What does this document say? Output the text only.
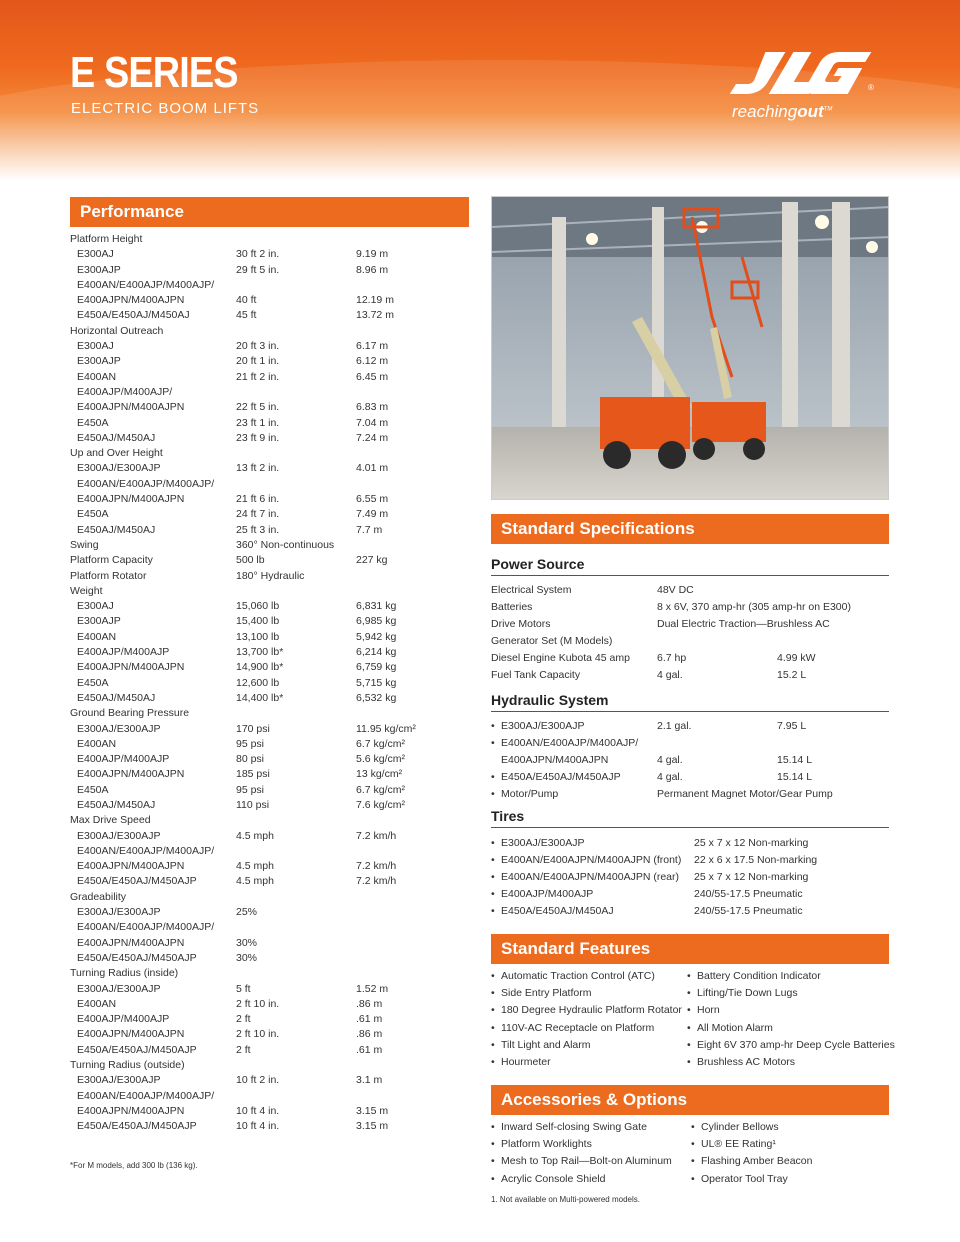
E SERIES
ELECTRIC BOOM LIFTS
®
reachingout™
Performance
Platform Height
E300AJ	30 ft 2 in.	9.19 m
E300AJP	29 ft 5 in.	8.96 m
E400AN/E400AJP/M400AJP/
E400AJPN/M400AJPN	40 ft	12.19 m
E450A/E450AJ/M450AJ	45 ft	13.72 m
Horizontal Outreach
E300AJ	20 ft 3 in.	6.17 m
E300AJP	20 ft 1 in.	6.12 m
E400AN	21 ft 2 in.	6.45 m
E400AJP/M400AJP/
E400AJPN/M400AJPN	22 ft 5 in.	6.83 m
E450A	23 ft 1 in.	7.04 m
E450AJ/M450AJ	23 ft 9 in.	7.24 m
Up and Over Height
E300AJ/E300AJP	13 ft 2 in.	4.01 m
E400AN/E400AJP/M400AJP/
E400AJPN/M400AJPN	21 ft 6 in.	6.55 m
E450A	24 ft 7 in.	7.49 m
E450AJ/M450AJ	25 ft 3 in.	7.7 m
Swing	360° Non-continuous
Platform Capacity	500 lb	227 kg
Platform Rotator	180° Hydraulic
Weight
E300AJ	15,060 lb	6,831 kg
E300AJP	15,400 lb	6,985 kg
E400AN	13,100 lb	5,942 kg
E400AJP/M400AJP	13,700 lb*	6,214 kg
E400AJPN/M400AJPN	14,900 lb*	6,759 kg
E450A	12,600 lb	5,715 kg
E450AJ/M450AJ	14,400 lb*	6,532 kg
Ground Bearing Pressure
E300AJ/E300AJP	170 psi	11.95 kg/cm²
E400AN	95 psi	6.7 kg/cm²
E400AJP/M400AJP	80 psi	5.6 kg/cm²
E400AJPN/M400AJPN	185 psi	13 kg/cm²
E450A	95 psi	6.7 kg/cm²
E450AJ/M450AJ	110 psi	7.6 kg/cm²
Max Drive Speed
E300AJ/E300AJP	4.5 mph	7.2 km/h
E400AN/E400AJP/M400AJP/
E400AJPN/M400AJPN	4.5 mph	7.2 km/h
E450A/E450AJ/M450AJP	4.5 mph	7.2 km/h
Gradeability
E300AJ/E300AJP	25%
E400AN/E400AJP/M400AJP/
E400AJPN/M400AJPN	30%
E450A/E450AJ/M450AJP	30%
Turning Radius (inside)
E300AJ/E300AJP	5 ft	1.52 m
E400AN	2 ft 10 in.	.86 m
E400AJP/M400AJP	2 ft	.61 m
E400AJPN/M400AJPN	2 ft 10 in.	.86 m
E450A/E450AJ/M450AJP	2 ft	.61 m
Turning Radius (outside)
E300AJ/E300AJP	10 ft 2 in.	3.1 m
E400AN/E400AJP/M400AJP/
E400AJPN/M400AJPN	10 ft 4 in.	3.15 m
E450A/E450AJ/M450AJP	10 ft 4 in.	3.15 m
*For M models, add 300 lb (136 kg).
Standard Specifications
Power Source
Electrical System	48V DC
Batteries	8 x 6V, 370 amp-hr (305 amp-hr on E300)
Drive Motors	Dual Electric Traction—Brushless AC
Generator Set (M Models)
Diesel Engine Kubota 45 amp	6.7 hp	4.99 kW
Fuel Tank Capacity	4 gal.	15.2 L
Hydraulic System
• E300AJ/E300AJP	2.1 gal.	7.95 L
• E400AN/E400AJP/M400AJP/
E400AJPN/M400AJPN	4 gal.	15.14 L
• E450A/E450AJ/M450AJP	4 gal.	15.14 L
• Motor/Pump	Permanent Magnet Motor/Gear Pump
Tires
• E300AJ/E300AJP	25 x 7 x 12 Non-marking
• E400AN/E400AJPN/M400AJPN (front)	22 x 6 x 17.5 Non-marking
• E400AN/E400AJPN/M400AJPN (rear)	25 x 7 x 12 Non-marking
• E400AJP/M400AJP	240/55-17.5 Pneumatic
• E450A/E450AJ/M450AJ	240/55-17.5 Pneumatic
Standard Features
• Automatic Traction Control (ATC)
• Side Entry Platform
• 180 Degree Hydraulic Platform Rotator
• 110V-AC Receptacle on Platform
• Tilt Light and Alarm
• Hourmeter
• Battery Condition Indicator
• Lifting/Tie Down Lugs
• Horn
• All Motion Alarm
• Eight 6V 370 amp-hr Deep Cycle Batteries
• Brushless AC Motors
Accessories & Options
• Inward Self-closing Swing Gate
• Platform Worklights
• Mesh to Top Rail—Bolt-on Aluminum
• Acrylic Console Shield
• Cylinder Bellows
• UL® EE Rating¹
• Flashing Amber Beacon
• Operator Tool Tray
1. Not available on Multi-powered models.
